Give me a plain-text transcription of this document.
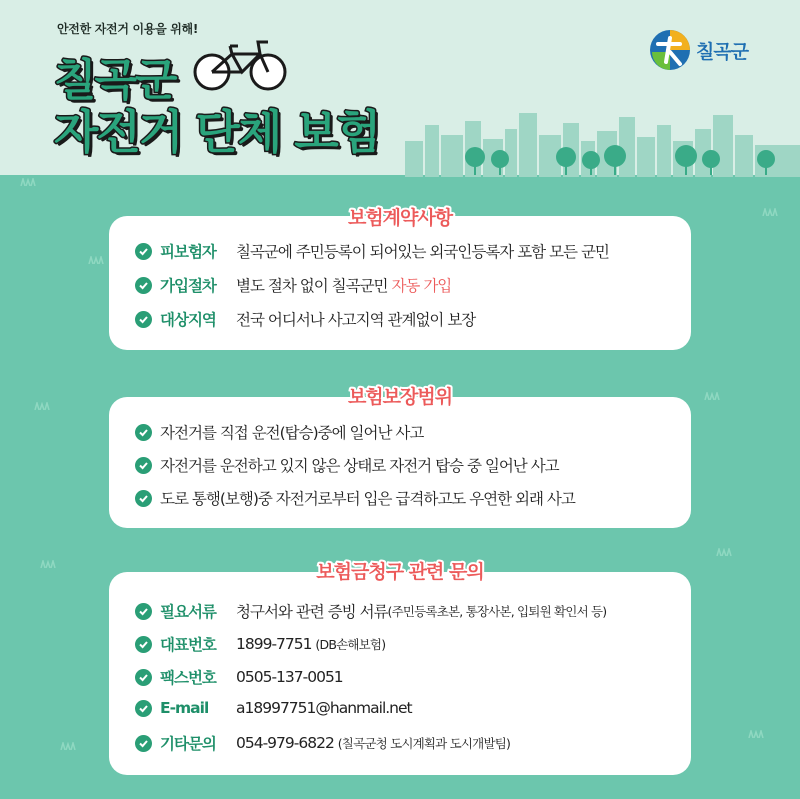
안전한 자전거 이용을 위해!
칠곡군
자전거 단체 보험
칠곡군
보험계약사항
피보험자	칠곡군에 주민등록이 되어있는 외국인등록자 포함 모든 군민
가입절차	별도 절차 없이 칠곡군민 자동 가입
대상지역	전국 어디서나 사고지역 관계없이 보장
보험보장범위
자전거를 직접 운전(탑승)중에 일어난 사고
자전거를 운전하고 있지 않은 상태로 자전거 탑승 중 일어난 사고
도로 통행(보행)중 자전거로부터 입은 급격하고도 우연한 외래 사고
보험금청구 관련 문의
필요서류	청구서와 관련 증빙 서류 (주민등록초본, 통장사본, 입퇴원 확인서 등)
대표번호	1899-7751 (DB손해보험)
팩스번호	0505-137-0051
E-mail	a18997751@hanmail.net
기타문의	054-979-6822 (칠곡군청 도시계획과 도시개발팀)
